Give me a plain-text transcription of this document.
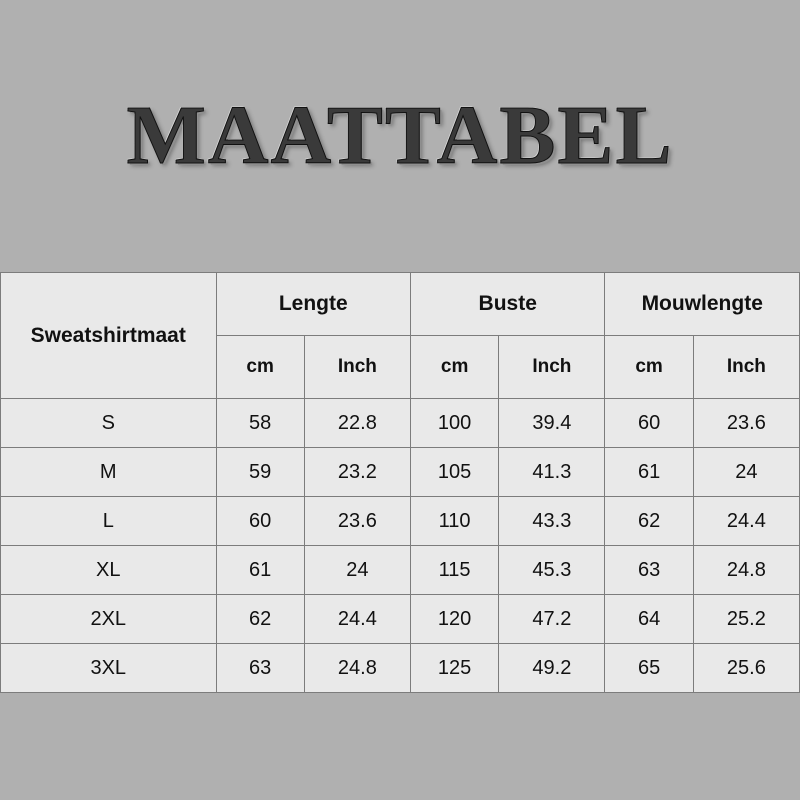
MAATTABEL
Sweatshirtmaat	Lengte		Buste		Mouwlengte	
	cm	Inch	cm	Inch	cm	Inch
S	58	22.8	100	39.4	60	23.6
M	59	23.2	105	41.3	61	24
L	60	23.6	110	43.3	62	24.4
XL	61	24	115	45.3	63	24.8
2XL	62	24.4	120	47.2	64	25.2
3XL	63	24.8	125	49.2	65	25.6
